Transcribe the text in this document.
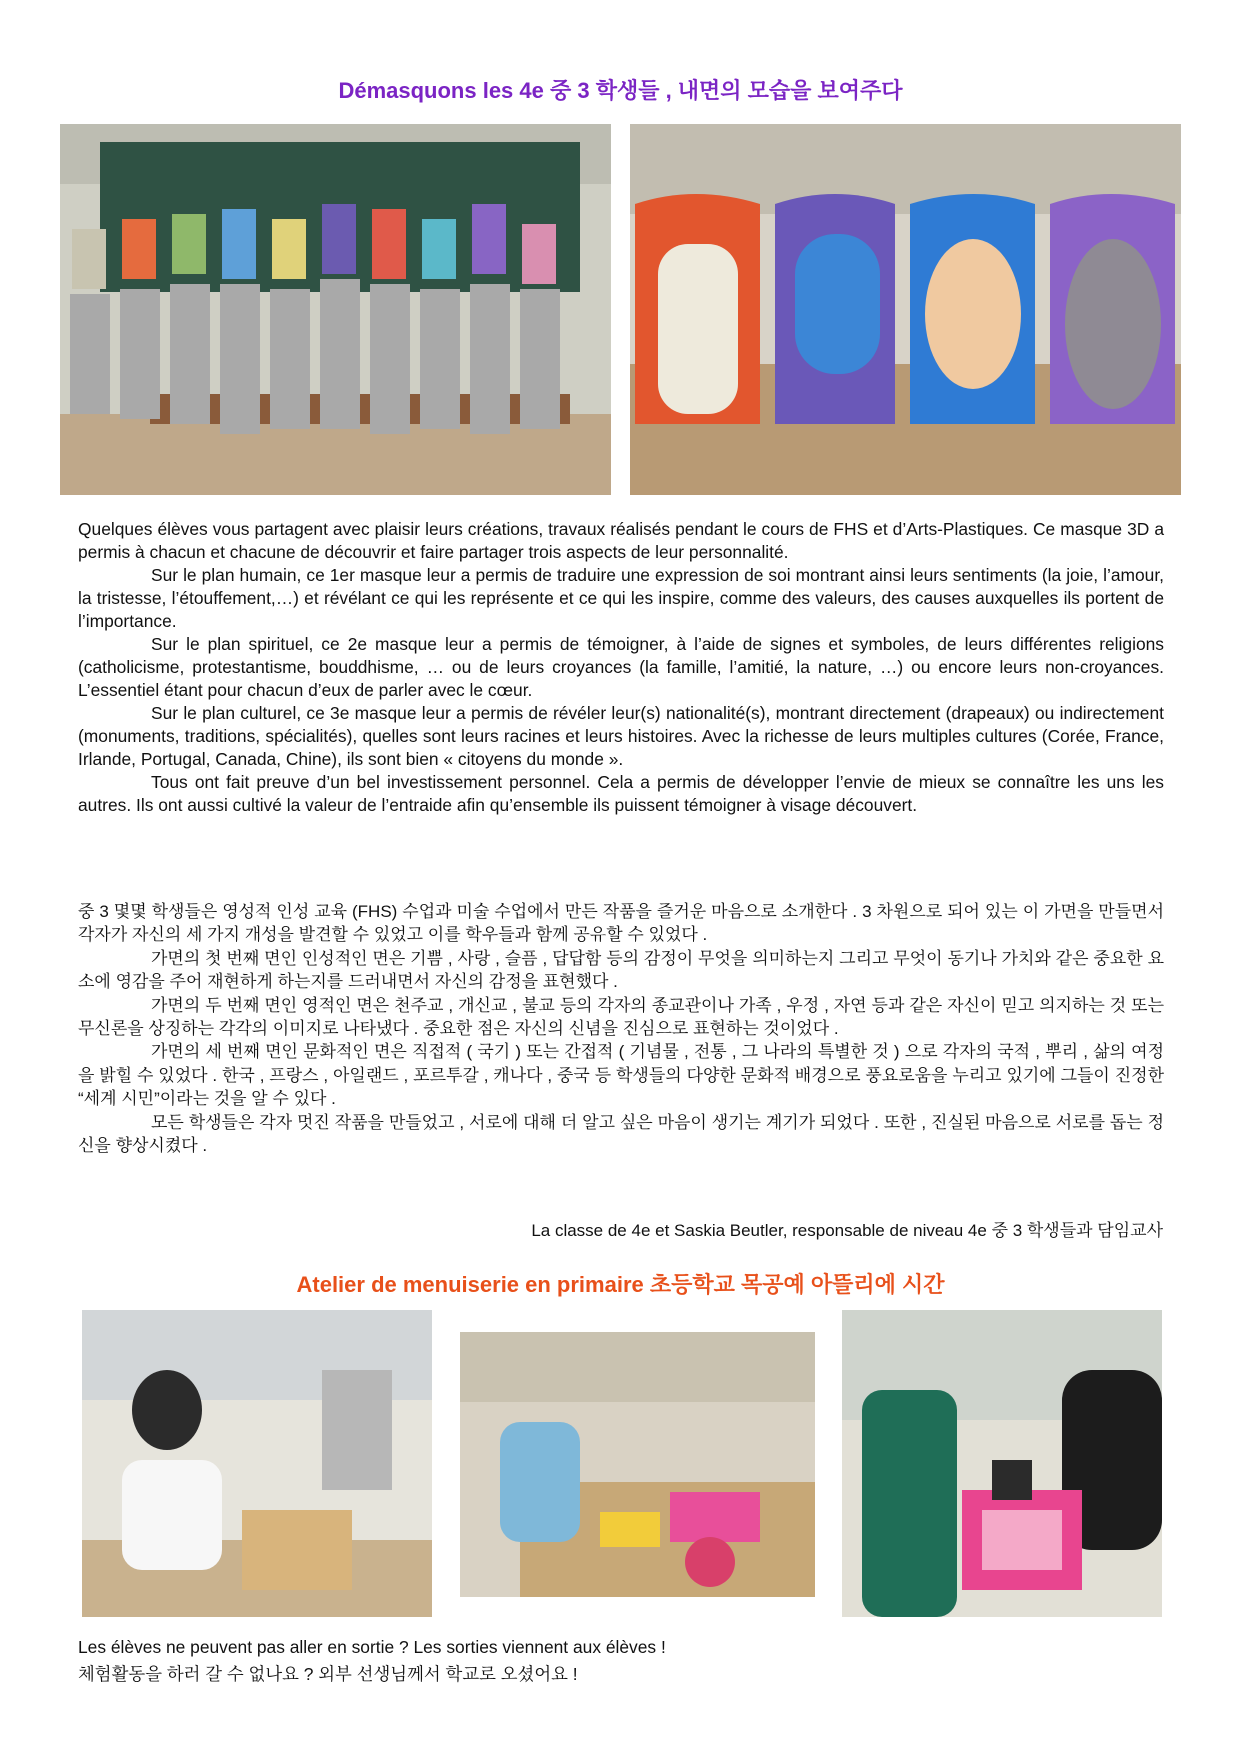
Démasquons les 4e 중 3 학생들 , 내면의 모습을 보여주다

Quelques élèves vous partagent avec plaisir leurs créations, travaux réalisés pendant le cours de FHS et d’Arts-Plastiques. Ce masque 3D a permis à chacun et chacune de découvrir et faire partager trois aspects de leur personnalité.

Sur le plan humain, ce 1er masque leur a permis de traduire une expression de soi montrant ainsi leurs sentiments (la joie, l’amour, la tristesse, l’étouffement,…) et révélant ce qui les représente et ce qui les inspire, comme des valeurs, des causes auxquelles ils portent de l’importance.

Sur le plan spirituel, ce 2e masque leur a permis de témoigner, à l’aide de signes et symboles, de leurs différentes religions (catholicisme, protestantisme, bouddhisme, … ou de leurs croyances (la famille, l’amitié, la nature, …) ou encore leurs non-croyances. L’essentiel étant pour chacun d’eux de parler avec le cœur.

Sur le plan culturel, ce 3e masque leur a permis de révéler leur(s) nationalité(s), montrant directement (drapeaux) ou indirectement (monuments, traditions, spécialités), quelles sont leurs racines et leurs histoires. Avec la richesse de leurs multiples cultures (Corée, France, Irlande, Portugal, Canada, Chine), ils sont bien « citoyens du monde ».

Tous ont fait preuve d’un bel investissement personnel. Cela a permis de développer l’envie de mieux se connaître les uns les autres. Ils ont aussi cultivé la valeur de l’entraide afin qu’ensemble ils puissent témoigner à visage découvert.

중 3 몇몇 학생들은 영성적 인성 교육 (FHS) 수업과 미술 수업에서 만든 작품을 즐거운 마음으로 소개한다 . 3 차원으로 되어 있는 이 가면을 만들면서 각자가 자신의 세 가지 개성을 발견할 수 있었고 이를 학우들과 함께 공유할 수 있었다 .

가면의 첫 번째 면인 인성적인 면은 기쁨 , 사랑 , 슬픔 , 답답함 등의 감정이 무엇을 의미하는지 그리고 무엇이 동기나 가치와 같은 중요한 요소에 영감을 주어 재현하게 하는지를 드러내면서 자신의 감정을 표현했다 .

가면의 두 번째 면인 영적인 면은 천주교 , 개신교 , 불교 등의 각자의 종교관이나 가족 , 우정 , 자연 등과 같은 자신이 믿고 의지하는 것 또는 무신론을 상징하는 각각의 이미지로 나타냈다 . 중요한 점은 자신의 신념을 진심으로 표현하는 것이었다 .

가면의 세 번째 면인 문화적인 면은 직접적 ( 국기 ) 또는 간접적 ( 기념물 , 전통 , 그 나라의 특별한 것 ) 으로 각자의 국적 , 뿌리 , 삶의 여정을 밝힐 수 있었다 . 한국 , 프랑스 , 아일랜드 , 포르투갈 , 캐나다 , 중국 등 학생들의 다양한 문화적 배경으로 풍요로움을 누리고 있기에 그들이 진정한 “세계 시민”이라는 것을 알 수 있다 .

모든 학생들은 각자 멋진 작품을 만들었고 , 서로에 대해 더 알고 싶은 마음이 생기는 계기가 되었다 . 또한 , 진실된 마음으로 서로를 돕는 정신을 향상시켰다 .

La classe de 4e et Saskia Beutler, responsable de niveau 4e 중 3 학생들과 담임교사

Atelier de menuiserie en primaire 초등학교 목공예 아뜰리에 시간

Les élèves ne peuvent pas aller en sortie ? Les sorties viennent aux élèves !

체험활동을 하러 갈 수 없나요 ? 외부 선생님께서 학교로 오셨어요 !
